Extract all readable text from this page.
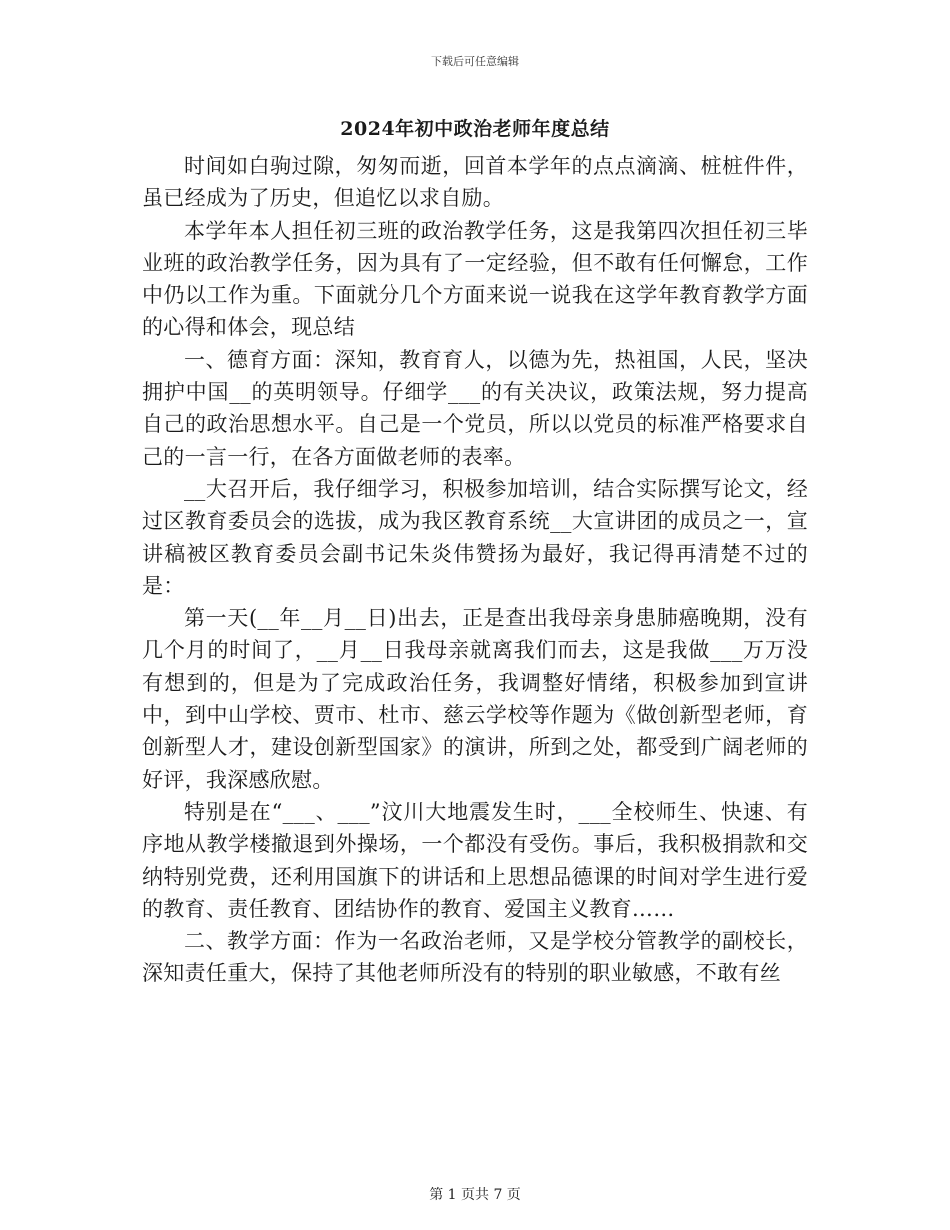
下载后可任意编辑
2024年初中政治老师年度总结

时间如白驹过隙，匆匆而逝，回首本学年的点点滴滴、桩桩件件，虽已经成为了历史，但追忆以求自励。

本学年本人担任初三班的政治教学任务，这是我第四次担任初三毕业班的政治教学任务，因为具有了一定经验，但不敢有任何懈怠，工作中仍以工作为重。下面就分几个方面来说一说我在这学年教育教学方面的心得和体会，现总结

一、德育方面：深知，教育育人，以德为先，热祖国，人民，坚决拥护中国__的英明领导。仔细学___的有关决议，政策法规，努力提高自己的政治思想水平。自己是一个党员，所以以党员的标准严格要求自己的一言一行，在各方面做老师的表率。

__大召开后，我仔细学习，积极参加培训，结合实际撰写论文，经过区教育委员会的选拔，成为我区教育系统__大宣讲团的成员之一，宣讲稿被区教育委员会副书记朱炎伟赞扬为最好，我记得再清楚不过的是：

第一天(__年__月__日)出去，正是查出我母亲身患肺癌晚期，没有几个月的时间了，__月__日我母亲就离我们而去，这是我做___万万没有想到的，但是为了完成政治任务，我调整好情绪，积极参加到宣讲中，到中山学校、贾市、杜市、慈云学校等作题为《做创新型老师，育创新型人才，建设创新型国家》的演讲，所到之处，都受到广阔老师的好评，我深感欣慰。

特别是在“___、___”汶川大地震发生时，___全校师生、快速、有序地从教学楼撤退到外操场，一个都没有受伤。事后，我积极捐款和交纳特别党费，还利用国旗下的讲话和上思想品德课的时间对学生进行爱的教育、责任教育、团结协作的教育、爱国主义教育……

二、教学方面：作为一名政治老师，又是学校分管教学的副校长，深知责任重大，保持了其他老师所没有的特别的职业敏感，不敢有丝

第 1 页共 7 页
